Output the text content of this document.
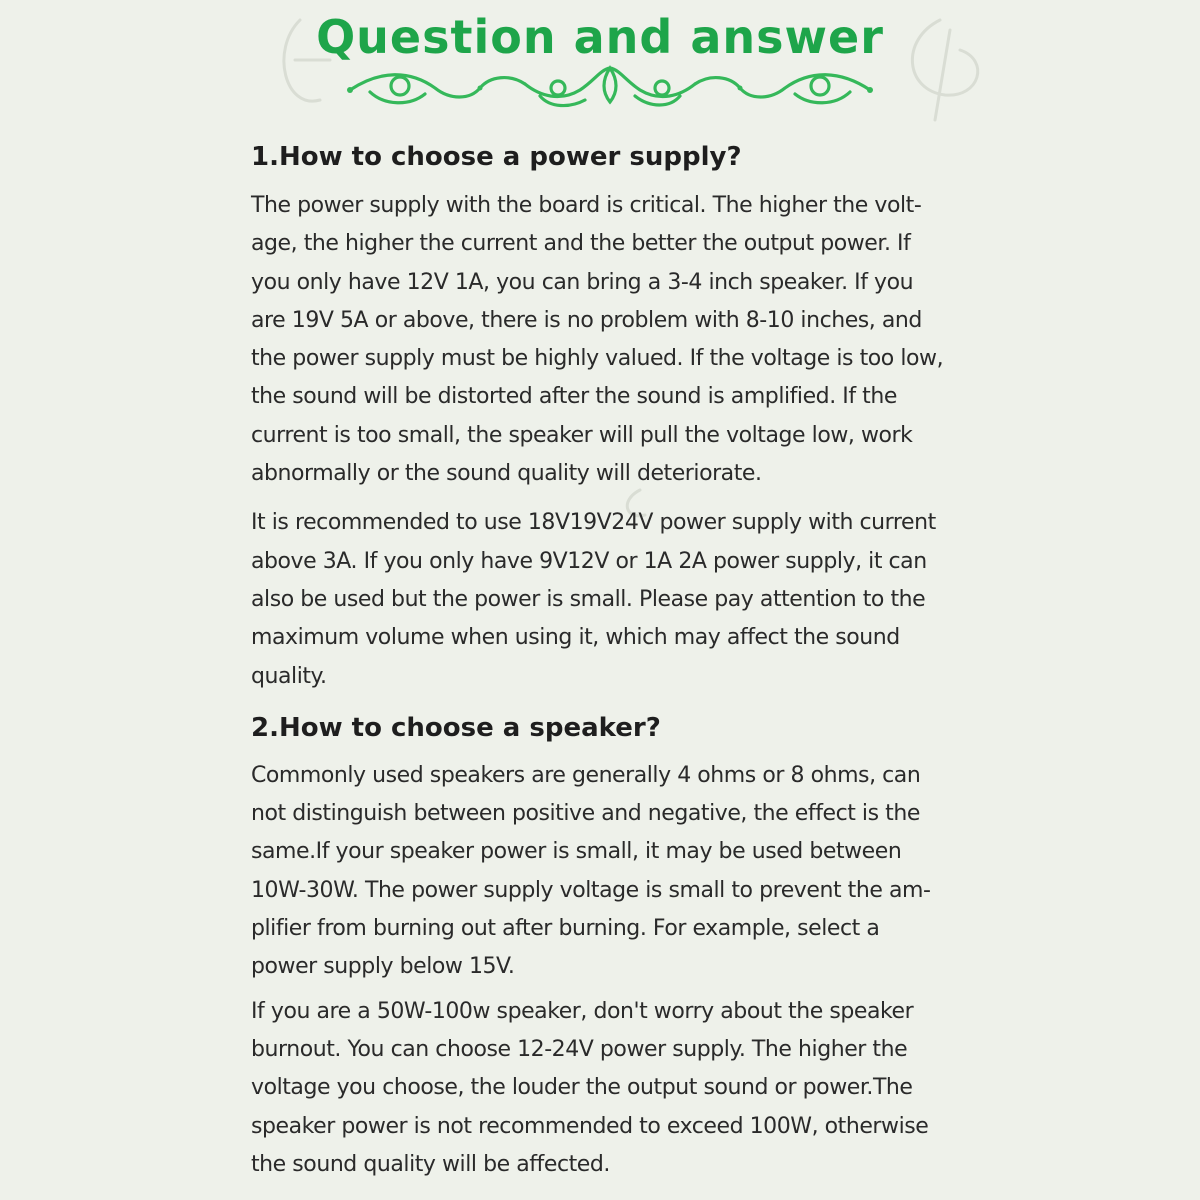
Question and answer
1.How to choose a power supply?

The power supply with the board is critical. The higher the volt-
age, the higher the current and the better the output power. If
you only have 12V 1A, you can bring a 3-4 inch speaker. If you
are 19V 5A or above, there is no problem with 8-10 inches, and
the power supply must be highly valued. If the voltage is too low,
the sound will be distorted after the sound is amplified. If the
current is too small, the speaker will pull the voltage low, work
abnormally or the sound quality will deteriorate.

It is recommended to use 18V19V24V power supply with current
above 3A. If you only have 9V12V or 1A 2A power supply, it can
also be used but the power is small. Please pay attention to the
maximum volume when using it, which may affect the sound
quality.

2.How to choose a speaker?

Commonly used speakers are generally 4 ohms or 8 ohms, can
not distinguish between positive and negative, the effect is the
same.If your speaker power is small, it may be used between
10W-30W. The power supply voltage is small to prevent the am-
plifier from burning out after burning. For example, select a
power supply below 15V.

If you are a 50W-100w speaker, don't worry about the speaker
burnout. You can choose 12-24V power supply. The higher the
voltage you choose, the louder the output sound or power.The
speaker power is not recommended to exceed 100W, otherwise
the sound quality will be affected.
